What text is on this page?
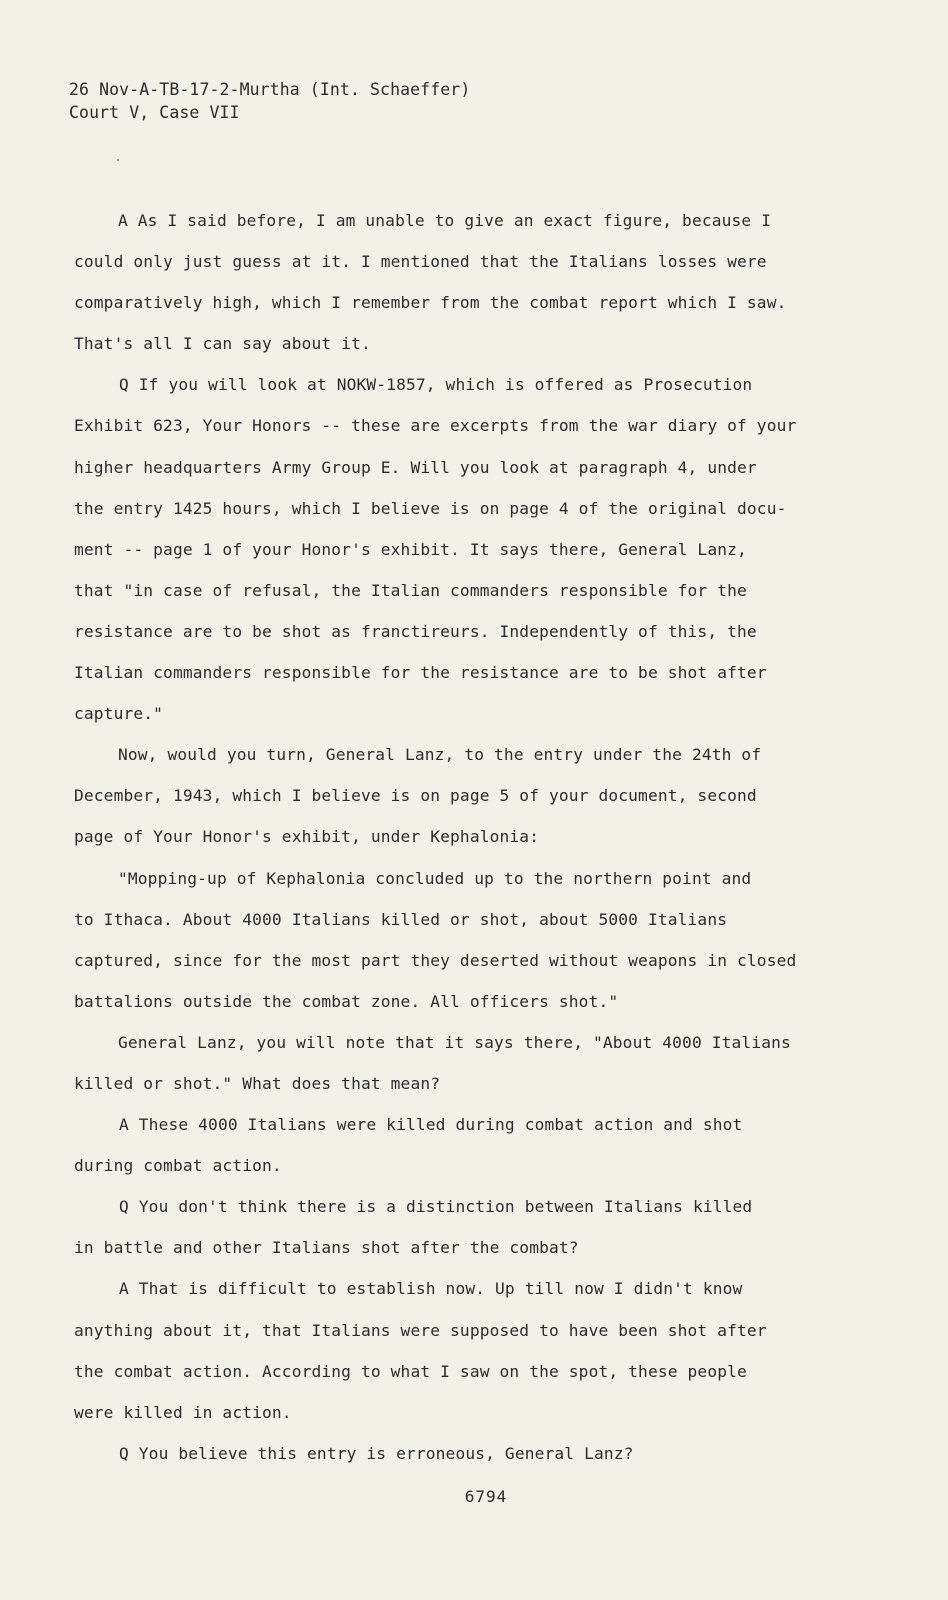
26 Nov-A-TB-17-2-Murtha (Int. Schaeffer)
Court V, Case VII
A As I said before, I am unable to give an exact figure, because I
could only just guess at it. I mentioned that the Italians losses were
comparatively high, which I remember from the combat report which I saw.
That's all I can say about it.
Q If you will look at NOKW-1857, which is offered as Prosecution
Exhibit 623, Your Honors -- these are excerpts from the war diary of your
higher headquarters Army Group E. Will you look at paragraph 4, under
the entry 1425 hours, which I believe is on page 4 of the original docu-
ment -- page 1 of your Honor's exhibit. It says there, General Lanz,
that "in case of refusal, the Italian commanders responsible for the
resistance are to be shot as franctireurs. Independently of this, the
Italian commanders responsible for the resistance are to be shot after
capture."
Now, would you turn, General Lanz, to the entry under the 24th of
December, 1943, which I believe is on page 5 of your document, second
page of Your Honor's exhibit, under Kephalonia:
"Mopping-up of Kephalonia concluded up to the northern point and
to Ithaca. About 4000 Italians killed or shot, about 5000 Italians
captured, since for the most part they deserted without weapons in closed
battalions outside the combat zone. All officers shot."
General Lanz, you will note that it says there, "About 4000 Italians
killed or shot." What does that mean?
A These 4000 Italians were killed during combat action and shot
during combat action.
Q You don't think there is a distinction between Italians killed
in battle and other Italians shot after the combat?
A That is difficult to establish now. Up till now I didn't know
anything about it, that Italians were supposed to have been shot after
the combat action. According to what I saw on the spot, these people
were killed in action.
Q You believe this entry is erroneous, General Lanz?
6794
